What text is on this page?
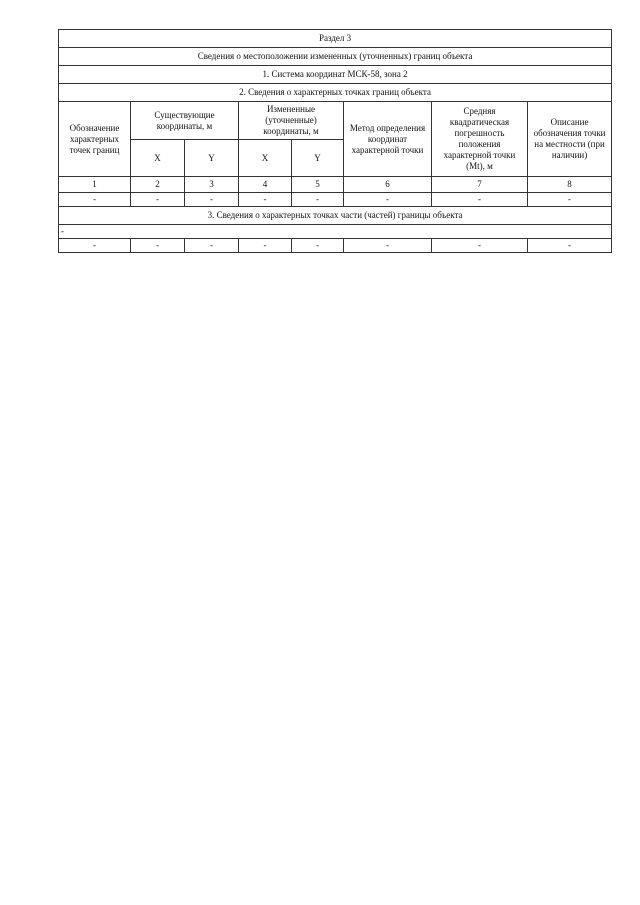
Раздел 3							
Сведения о местоположении измененных (уточненных) границ объекта							
1. Система координат МСК-58, зона 2							
2. Сведения о характерных точках границ объекта							
Обозначение характерных точек границ	Существующие координаты, м		Измененные (уточненные) координаты, м		Метод определения координат характерной точки	Средняя квадратическая погрешность положения характерной точки (Mt), м	Описание обозначения точки на местности (при наличии)
	X	Y	X	Y			
1	2	3	4	5	6	7	8
-	-	-	-	-	-	-	-
3. Сведения о характерных точках части (частей) границы объекта							
-							
-	-	-	-	-	-	-	-
